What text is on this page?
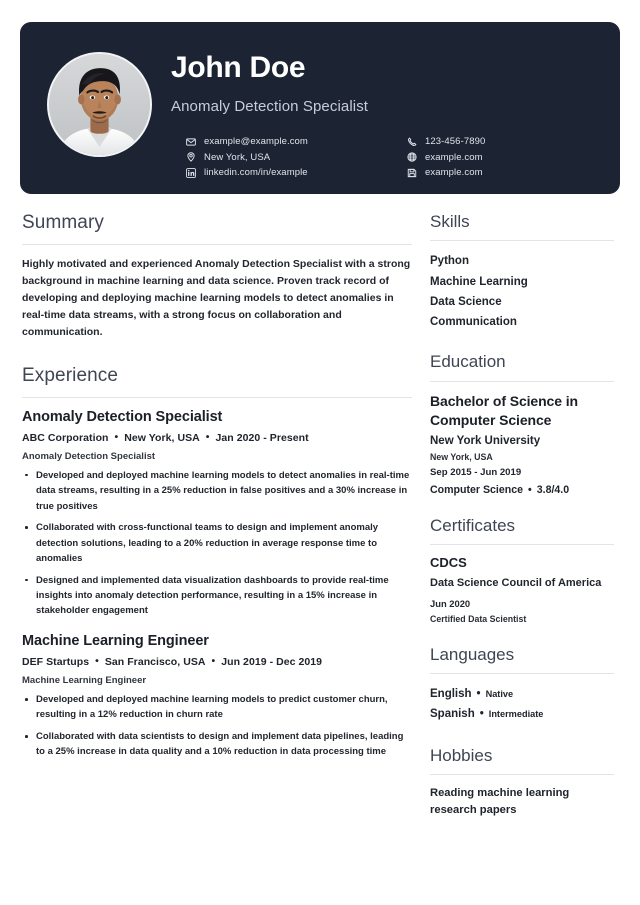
John Doe
Anomaly Detection Specialist
example@example.com
New York, USA
linkedin.com/in/example
123-456-7890
example.com
example.com
Summary
Highly motivated and experienced Anomaly Detection Specialist with a strong background in machine learning and data science. Proven track record of developing and deploying machine learning models to detect anomalies in real-time data streams, with a strong focus on collaboration and communication.
Experience
Anomaly Detection Specialist
ABC Corporation • New York, USA • Jan 2020 - Present
Anomaly Detection Specialist
Developed and deployed machine learning models to detect anomalies in real-time data streams, resulting in a 25% reduction in false positives and a 30% increase in true positives
Collaborated with cross-functional teams to design and implement anomaly detection solutions, leading to a 20% reduction in average response time to anomalies
Designed and implemented data visualization dashboards to provide real-time insights into anomaly detection performance, resulting in a 15% increase in stakeholder engagement
Machine Learning Engineer
DEF Startups • San Francisco, USA • Jun 2019 - Dec 2019
Machine Learning Engineer
Developed and deployed machine learning models to predict customer churn, resulting in a 12% reduction in churn rate
Collaborated with data scientists to design and implement data pipelines, leading to a 25% increase in data quality and a 10% reduction in data processing time
Skills
Python
Machine Learning
Data Science
Communication
Education
Bachelor of Science in Computer Science
New York University
New York, USA
Sep 2015 - Jun 2019
Computer Science • 3.8/4.0
Certificates
CDCS
Data Science Council of America
Jun 2020
Certified Data Scientist
Languages
English • Native
Spanish • Intermediate
Hobbies
Reading machine learning research papers
